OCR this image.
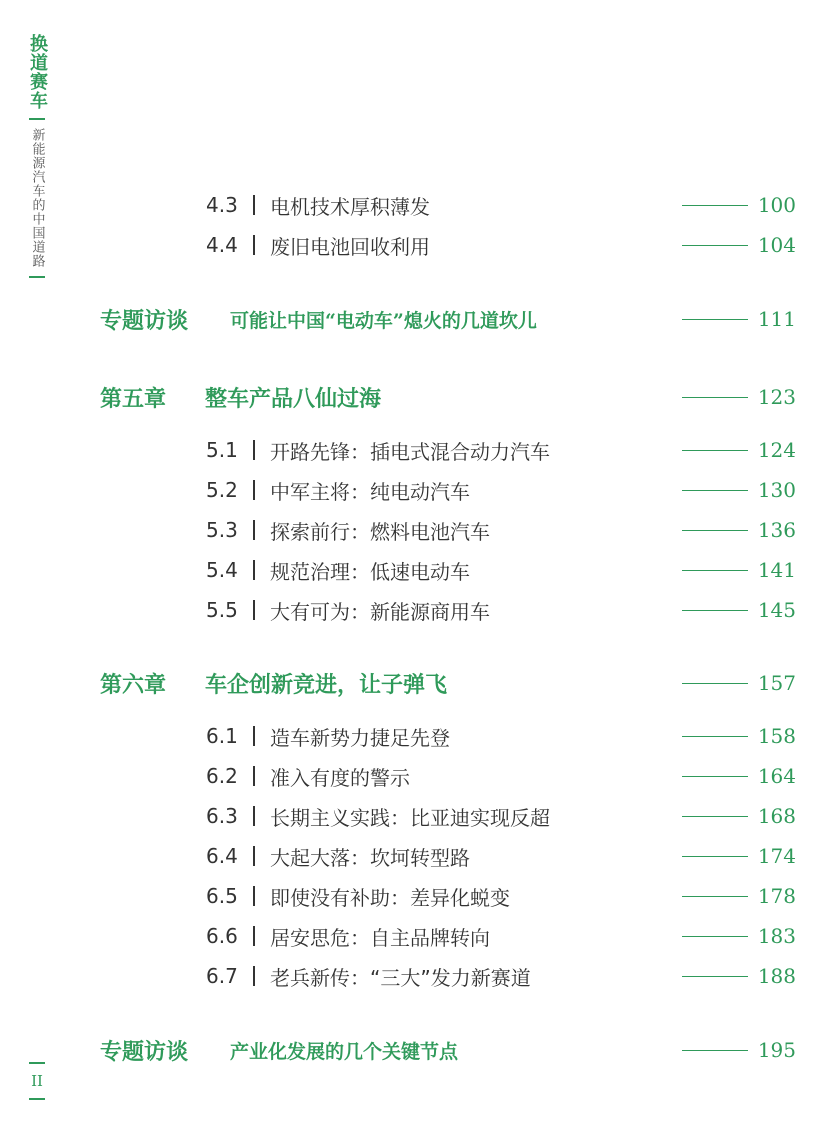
换道赛车
新能源汽车的中国道路
II
4.3 电机技术厚积薄发	100
4.4 废旧电池回收利用	104
专题访谈 可能让中国“电动车”熄火的几道坎儿	111
第五章 整车产品八仙过海	123
5.1 开路先锋：插电式混合动力汽车	124
5.2 中军主将：纯电动汽车	130
5.3 探索前行：燃料电池汽车	136
5.4 规范治理：低速电动车	141
5.5 大有可为：新能源商用车	145
第六章 车企创新竞进，让子弹飞	157
6.1 造车新势力捷足先登	158
6.2 准入有度的警示	164
6.3 长期主义实践：比亚迪实现反超	168
6.4 大起大落：坎坷转型路	174
6.5 即使没有补助：差异化蜕变	178
6.6 居安思危：自主品牌转向	183
6.7 老兵新传：“三大”发力新赛道	188
专题访谈 产业化发展的几个关键节点	195
